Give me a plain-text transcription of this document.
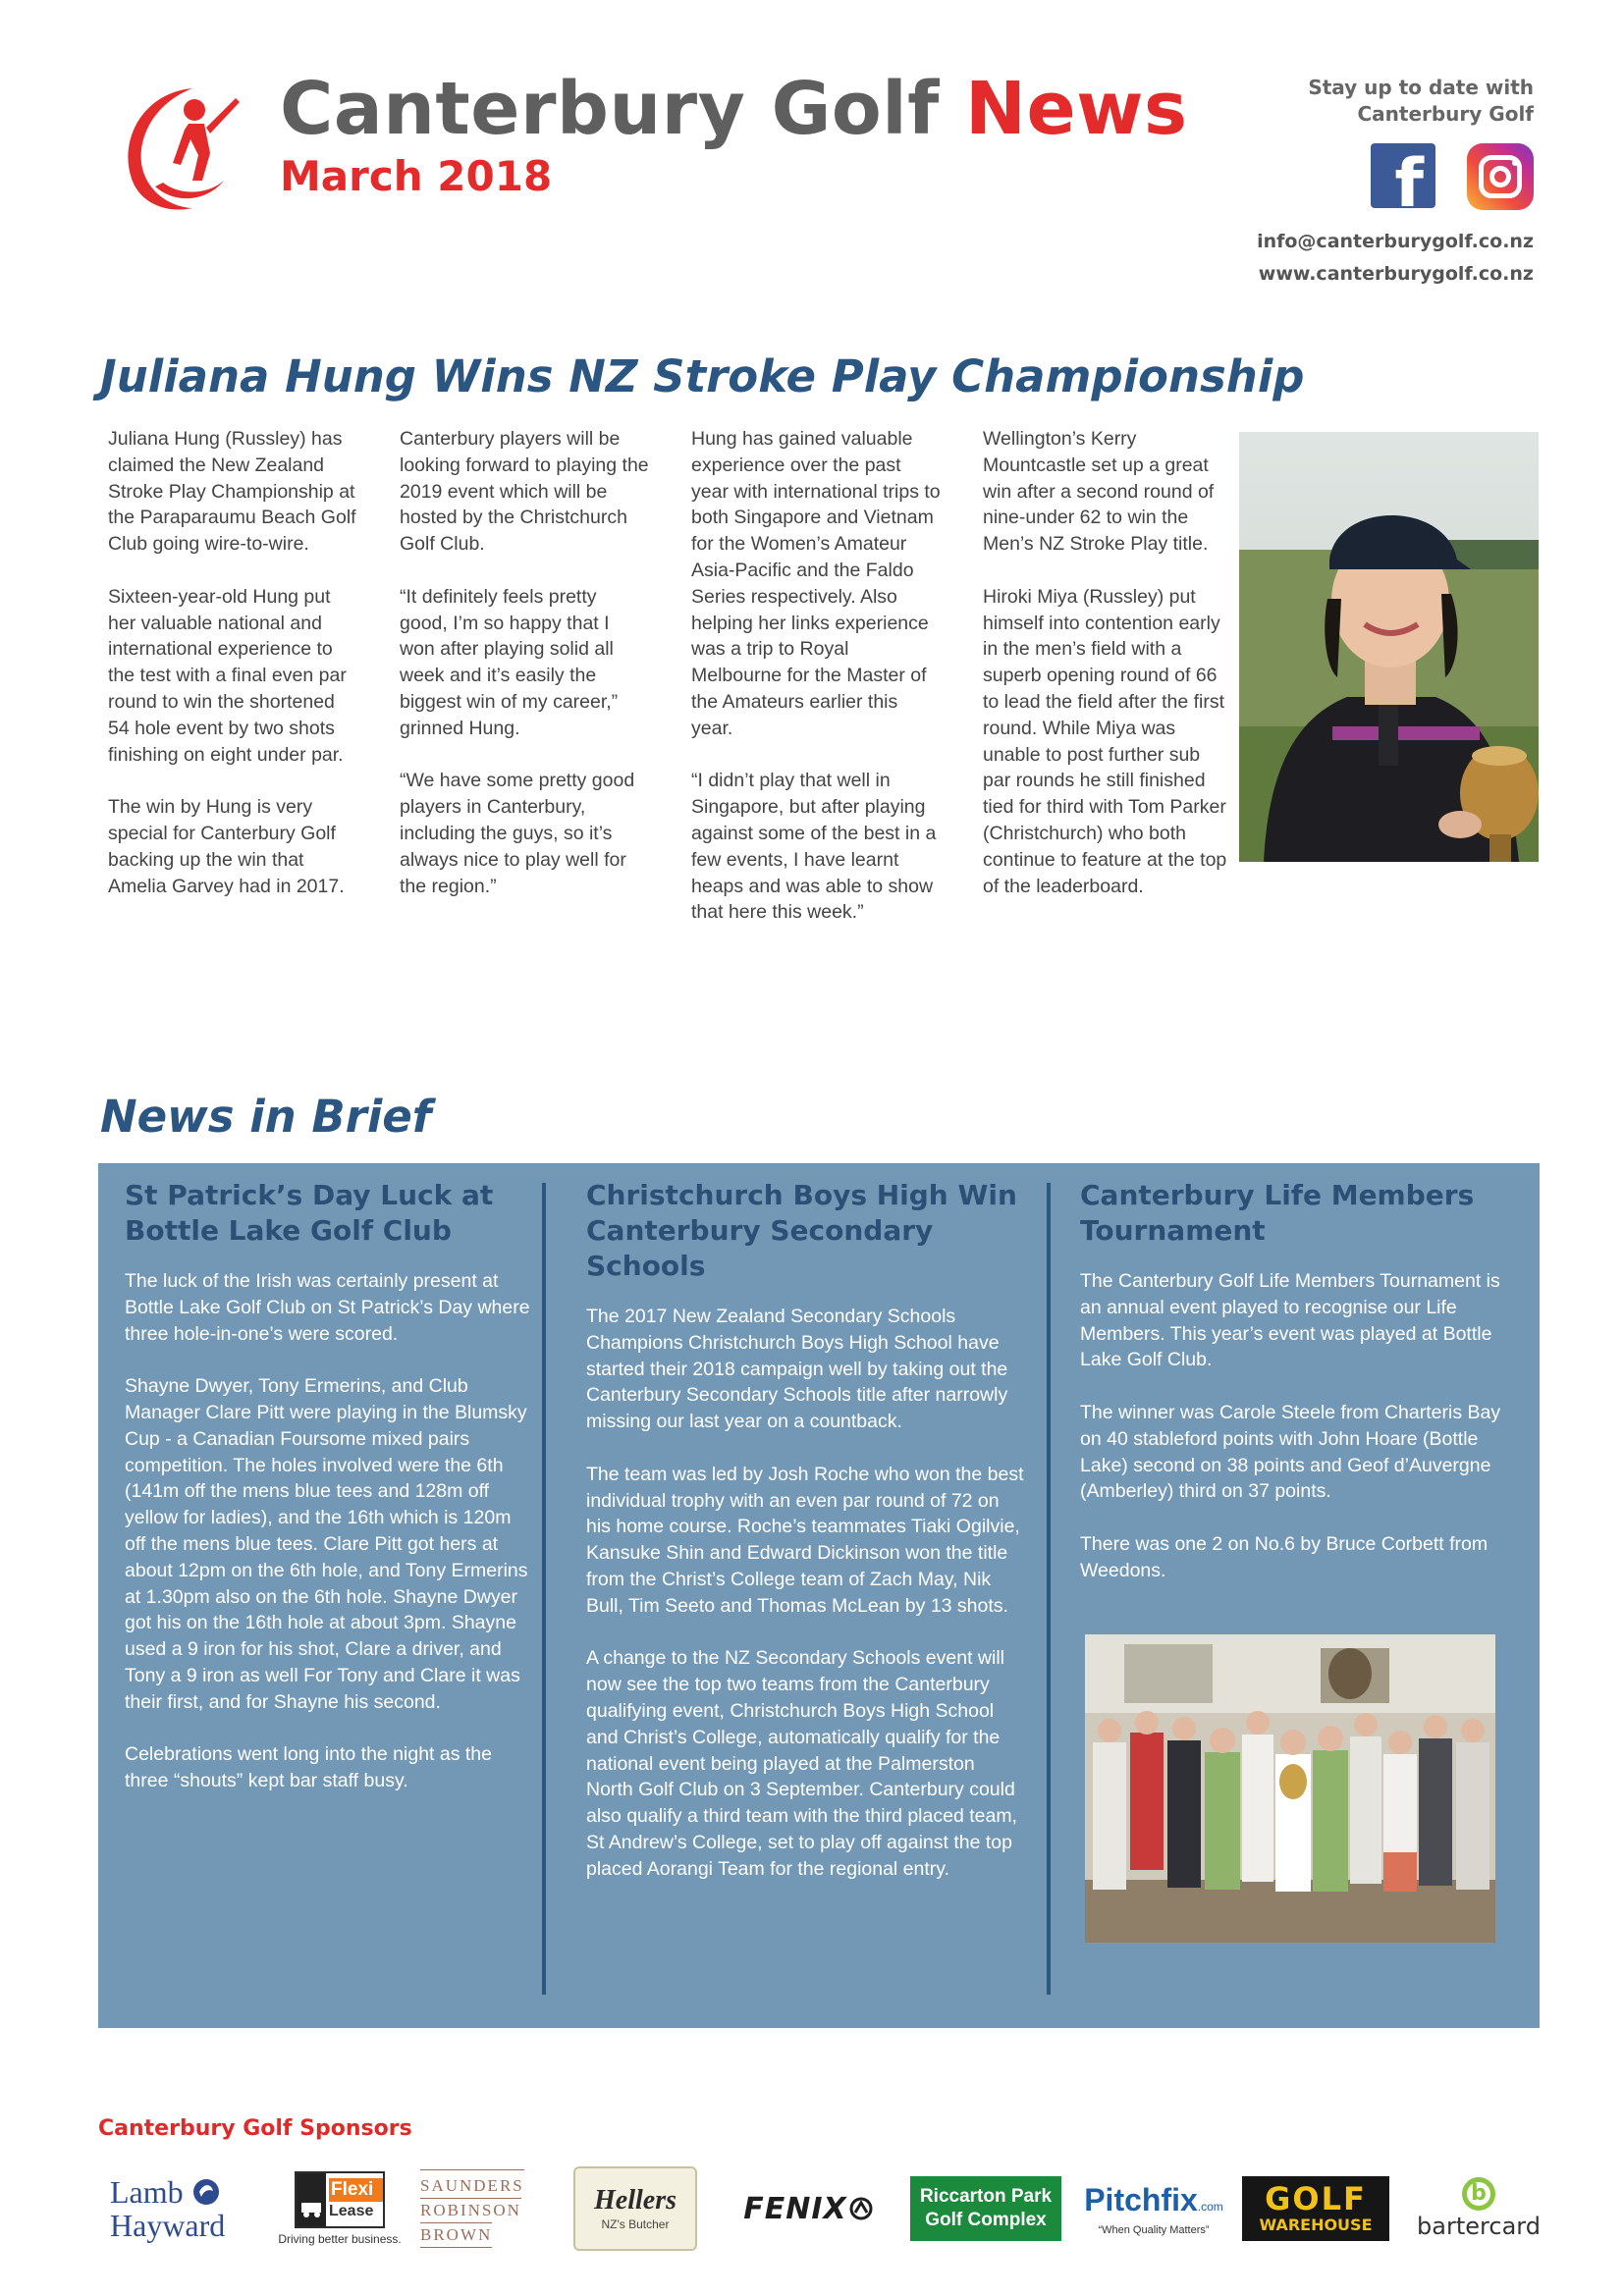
Canterbury Golf News
March 2018
Stay up to date with
Canterbury Golf
f
info@canterburygolf.co.nz
www.canterburygolf.co.nz
Juliana Hung Wins NZ Stroke Play Championship

Juliana Hung (Russley) has claimed the New Zealand Stroke Play Championship at the Paraparaumu Beach Golf Club going wire-to-wire.

Sixteen-year-old Hung put her valuable national and international experience to the test with a final even par round to win the shortened 54 hole event by two shots finishing on eight under par.

The win by Hung is very special for Canterbury Golf backing up the win that Amelia Garvey had in 2017.

Canterbury players will be looking forward to playing the 2019 event which will be hosted by the Christchurch Golf Club.

“It definitely feels pretty good, I’m so happy that I won after playing solid all week and it’s easily the biggest win of my career,” grinned Hung.

“We have some pretty good players in Canterbury, including the guys, so it’s always nice to play well for the region.”

Hung has gained valuable experience over the past year with international trips to both Singapore and Vietnam for the Women’s Amateur Asia-Pacific and the Faldo Series respectively. Also helping her links experience was a trip to Royal Melbourne for the Master of the Amateurs earlier this year.

“I didn’t play that well in Singapore, but after playing against some of the best in a few events, I have learnt heaps and was able to show that here this week.”

Wellington’s Kerry Mountcastle set up a great win after a second round of nine-under 62 to win the Men’s NZ Stroke Play title.

Hiroki Miya (Russley) put himself into contention early in the men’s field with a superb opening round of 66 to lead the field after the first round. While Miya was unable to post further sub par rounds he still finished tied for third with Tom Parker (Christchurch) who both continue to feature at the top of the leaderboard.

News in Brief
St Patrick’s Day Luck at Bottle Lake Golf Club

The luck of the Irish was certainly present at Bottle Lake Golf Club on St Patrick’s Day where three hole-in-one’s were scored.

Shayne Dwyer, Tony Ermerins, and Club Manager Clare Pitt were playing in the Blumsky Cup - a Canadian Foursome mixed pairs competition. The holes involved were the 6th (141m off the mens blue tees and 128m off yellow for ladies), and the 16th which is 120m off the mens blue tees. Clare Pitt got hers at about 12pm on the 6th hole, and Tony Ermerins at 1.30pm also on the 6th hole. Shayne Dwyer got his on the 16th hole at about 3pm. Shayne used a 9 iron for his shot, Clare a driver, and Tony a 9 iron as well For Tony and Clare it was their first, and for Shayne his second.

Celebrations went long into the night as the three “shouts” kept bar staff busy.

Christchurch Boys High Win Canterbury Secondary Schools

The 2017 New Zealand Secondary Schools Champions Christchurch Boys High School have started their 2018 campaign well by taking out the Canterbury Secondary Schools title after narrowly missing our last year on a countback.

The team was led by Josh Roche who won the best individual trophy with an even par round of 72 on his home course. Roche’s teammates Tiaki Ogilvie, Kansuke Shin and Edward Dickinson won the title from the Christ’s College team of Zach May, Nik Bull, Tim Seeto and Thomas McLean by 13 shots.

A change to the NZ Secondary Schools event will now see the top two teams from the Canterbury qualifying event, Christchurch Boys High School and Christ’s College, automatically qualify for the national event being played at the Palmerston North Golf Club on 3 September. Canterbury could also qualify a third team with the third placed team, St Andrew’s College, set to play off against the top placed Aorangi Team for the regional entry.

Canterbury Life Members Tournament

The Canterbury Golf Life Members Tournament is an annual event played to recognise our Life Members. This year’s event was played at Bottle Lake Golf Club.

The winner was Carole Steele from Charteris Bay on 40 stableford points with John Hoare (Bottle Lake) second on 38 points and Geof d’Auvergne (Amberley) third on 37 points.

There was one 2 on No.6 by Bruce Corbett from Weedons.

Canterbury Golf Sponsors
Lamb
Hayward
Flexi
Lease
Driving better business.
SAUNDERS
ROBINSON
BROWN
Hellers
NZ's Butcher	FENIX	Riccarton Park
Golf Complex
Pitchfix.com
“When Quality Matters”
GOLF
WAREHOUSE
b
bartercard
